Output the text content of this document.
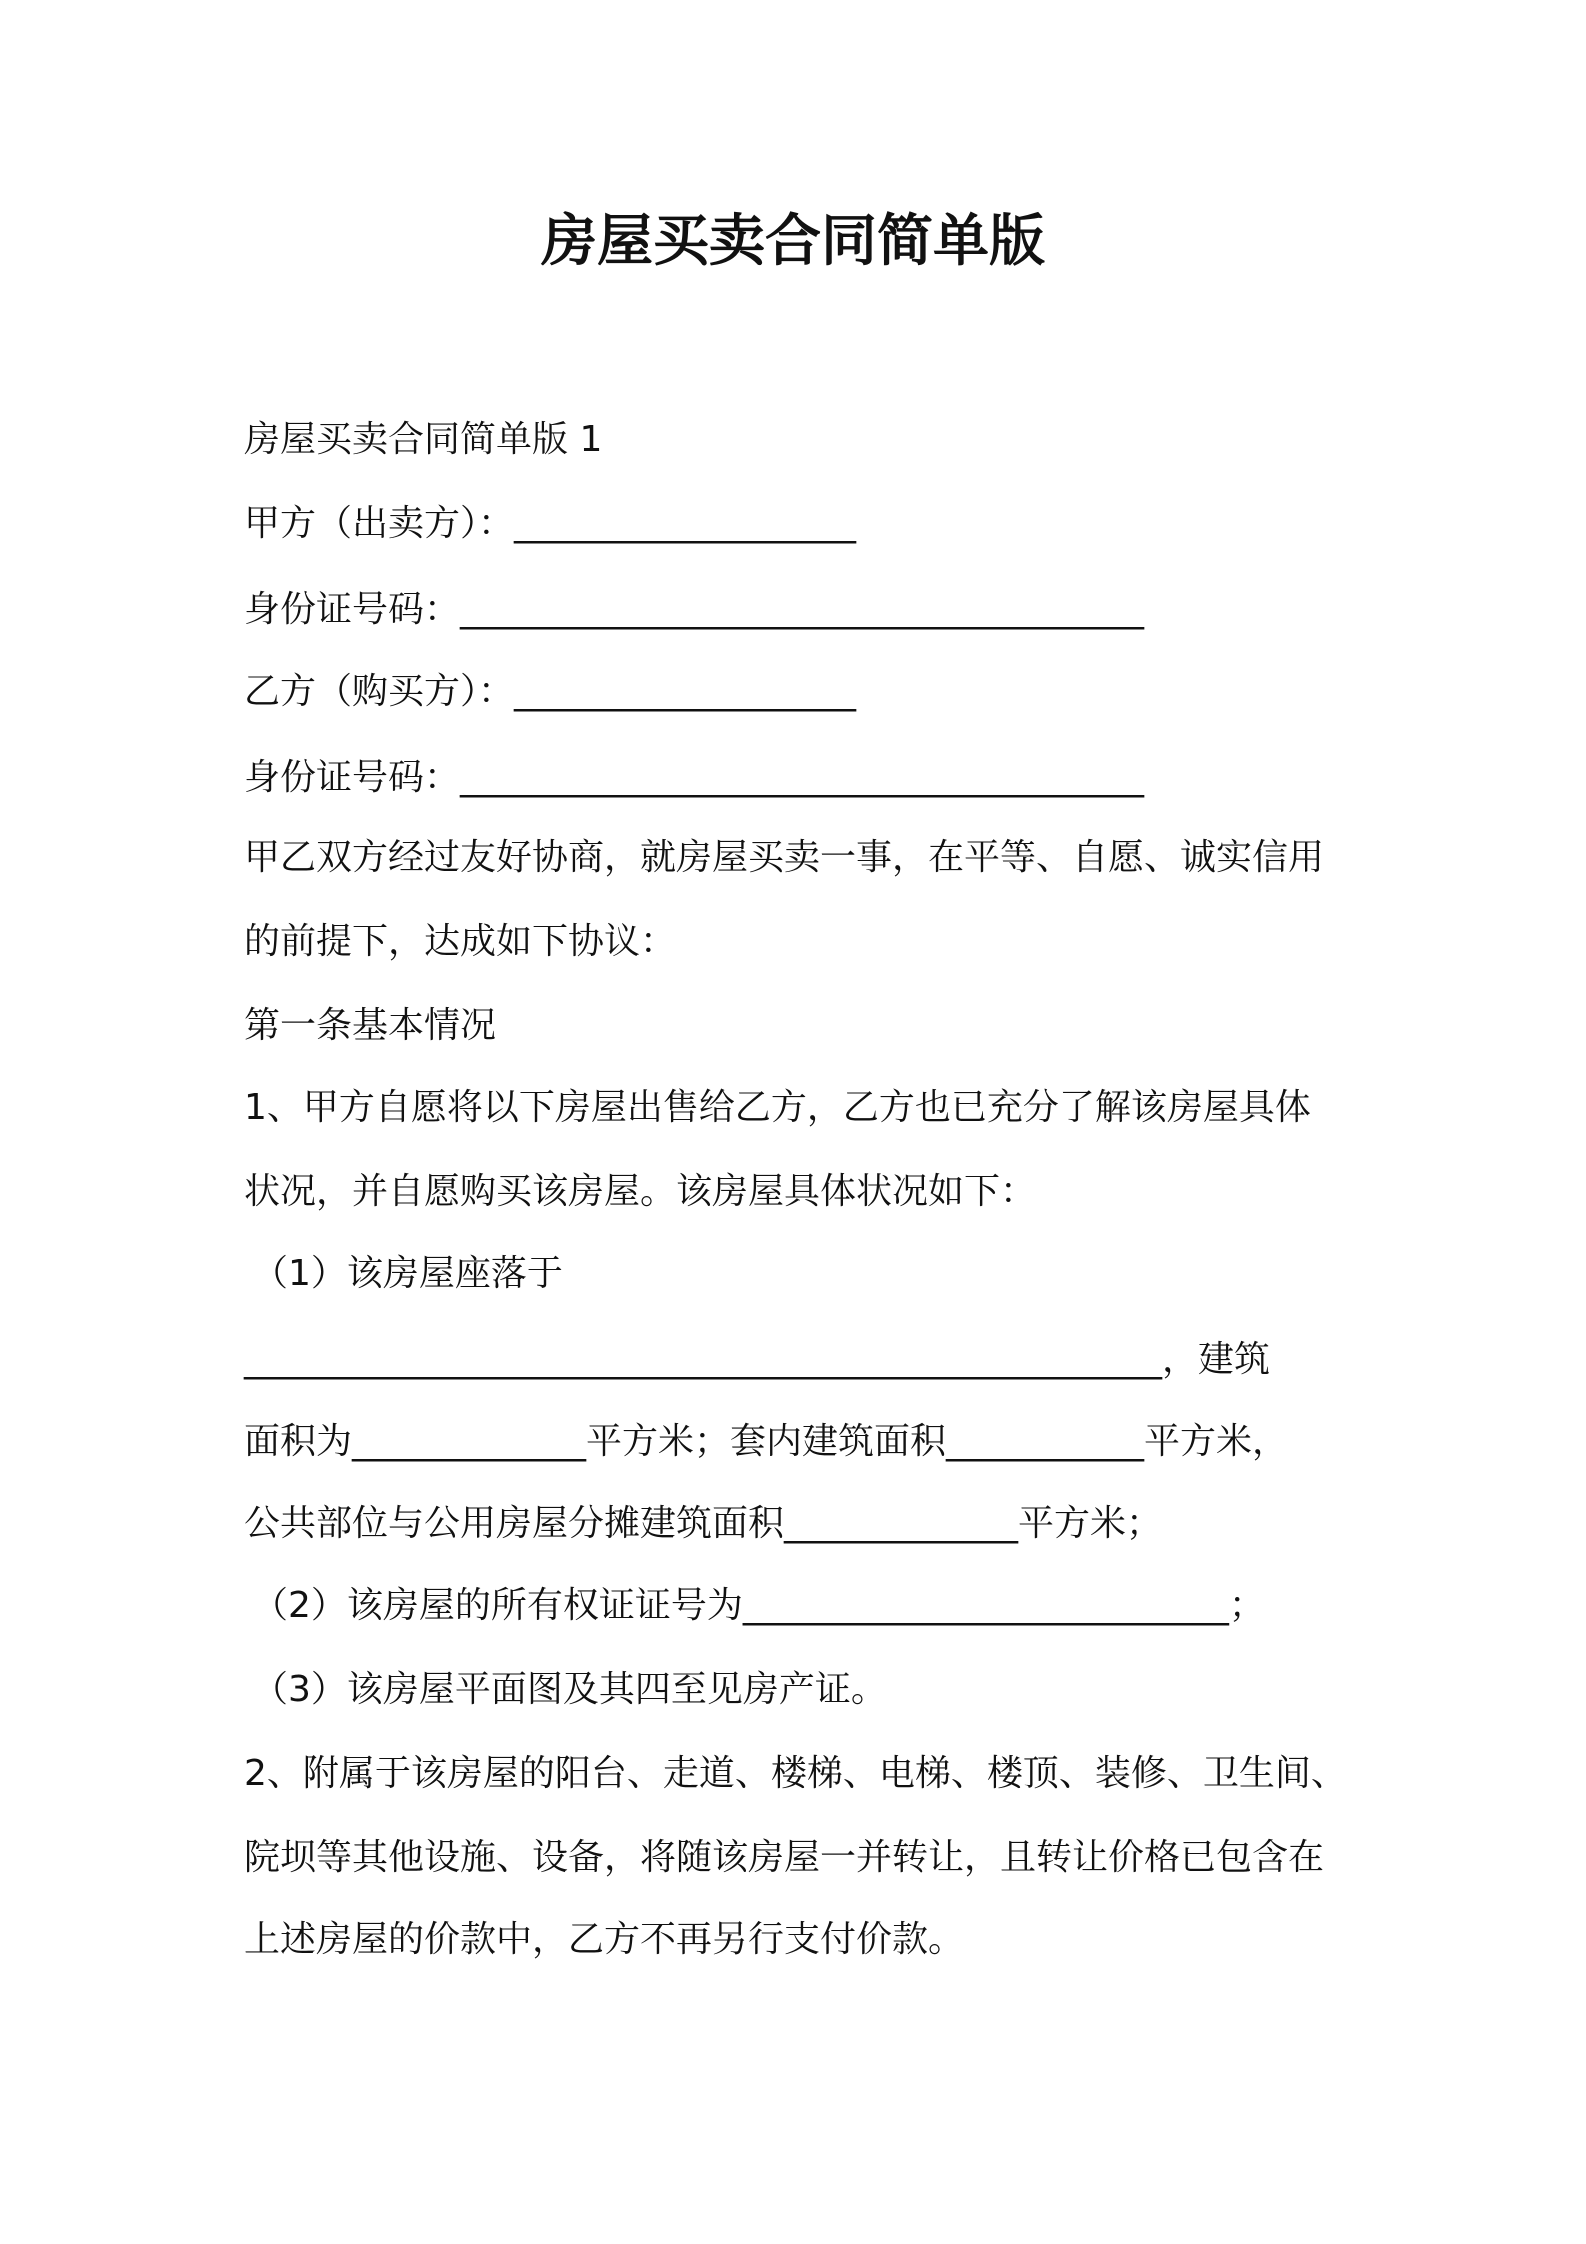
房屋买卖合同简单版
房屋买卖合同简单版 1
甲方（出卖方）：___________________
身份证号码：______________________________________
乙方（购买方）：___________________
身份证号码：______________________________________
甲乙双方经过友好协商，就房屋买卖一事，在平等、自愿、诚实信用
的前提下，达成如下协议：
第一条基本情况
1、甲方自愿将以下房屋出售给乙方，乙方也已充分了解该房屋具体
状况，并自愿购买该房屋。该房屋具体状况如下：
（1）该房屋座落于
___________________________________________________，建筑
面积为_____________平方米；套内建筑面积___________平方米，
公共部位与公用房屋分摊建筑面积_____________平方米；
（2）该房屋的所有权证证号为___________________________；
（3）该房屋平面图及其四至见房产证。
2、附属于该房屋的阳台、走道、楼梯、电梯、楼顶、装修、卫生间、
院坝等其他设施、设备，将随该房屋一并转让，且转让价格已包含在
上述房屋的价款中，乙方不再另行支付价款。
